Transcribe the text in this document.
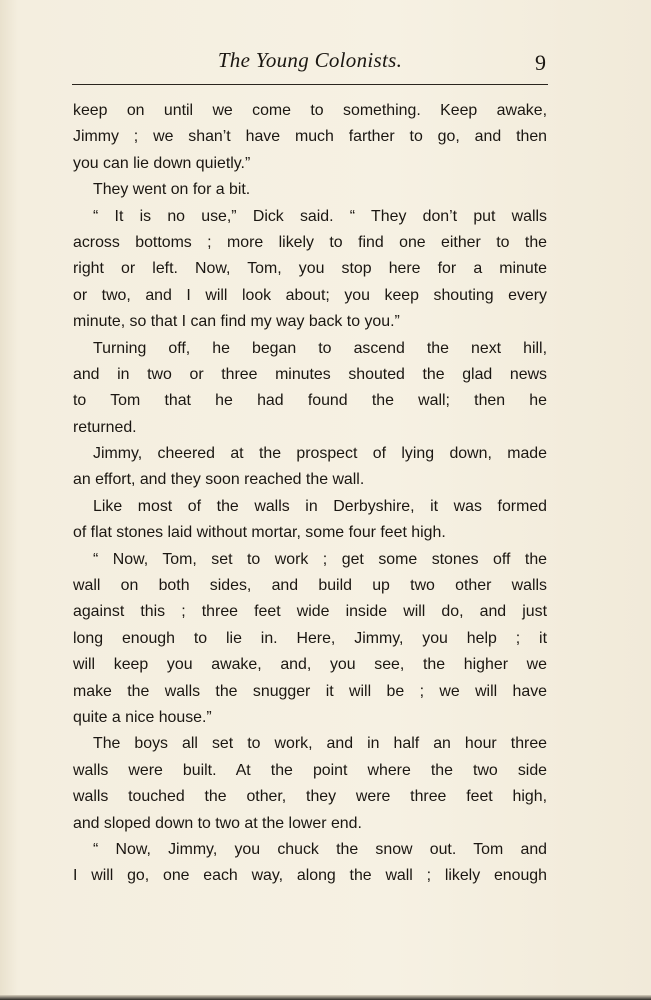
The Young Colonists.	9
keep on until we come to something. Keep awake,
Jimmy ; we shan’t have much farther to go, and then
you can lie down quietly.”
They went on for a bit.
“ It is no use,” Dick said. “ They don’t put walls
across bottoms ; more likely to find one either to the
right or left. Now, Tom, you stop here for a minute
or two, and I will look about; you keep shouting every
minute, so that I can find my way back to you.”
Turning off, he began to ascend the next hill,
and in two or three minutes shouted the glad news
to Tom that he had found the wall; then he
returned.
Jimmy, cheered at the prospect of lying down, made
an effort, and they soon reached the wall.
Like most of the walls in Derbyshire, it was formed
of flat stones laid without mortar, some four feet high.
“ Now, Tom, set to work ; get some stones off the
wall on both sides, and build up two other walls
against this ; three feet wide inside will do, and just
long enough to lie in. Here, Jimmy, you help ; it
will keep you awake, and, you see, the higher we
make the walls the snugger it will be ; we will have
quite a nice house.”
The boys all set to work, and in half an hour three
walls were built. At the point where the two side
walls touched the other, they were three feet high,
and sloped down to two at the lower end.
“ Now, Jimmy, you chuck the snow out. Tom and
I will go, one each way, along the wall ; likely enough
